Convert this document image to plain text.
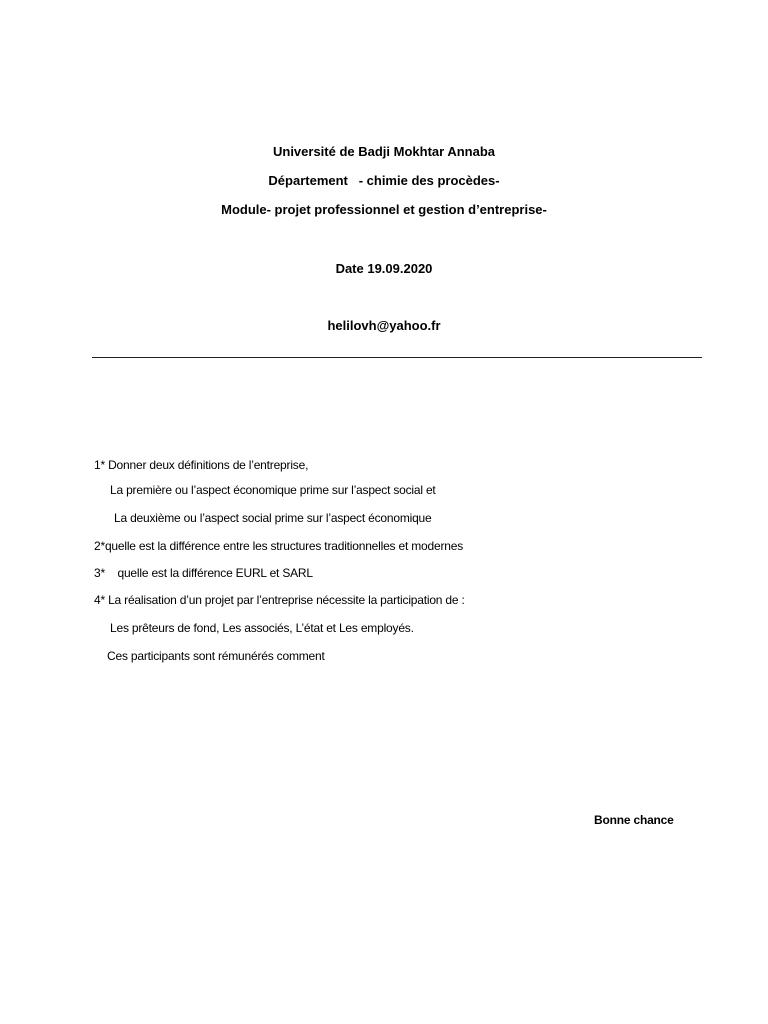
Université de Badji Mokhtar Annaba
Département   - chimie des procèdes-
Module- projet professionnel et gestion d’entreprise-
Date 19.09.2020
helilovh@yahoo.fr
1* Donner deux définitions de l’entreprise,
La première ou l’aspect économique prime sur l’aspect social et
La deuxième ou l’aspect social prime sur l’aspect économique
2*quelle est la différence entre les structures traditionnelles et modernes
3*    quelle est la différence EURL et SARL
4* La réalisation d’un projet par l’entreprise nécessite la participation de :
Les prêteurs de fond, Les associés, L’état et Les employés.
Ces participants sont rémunérés comment
Bonne chance
